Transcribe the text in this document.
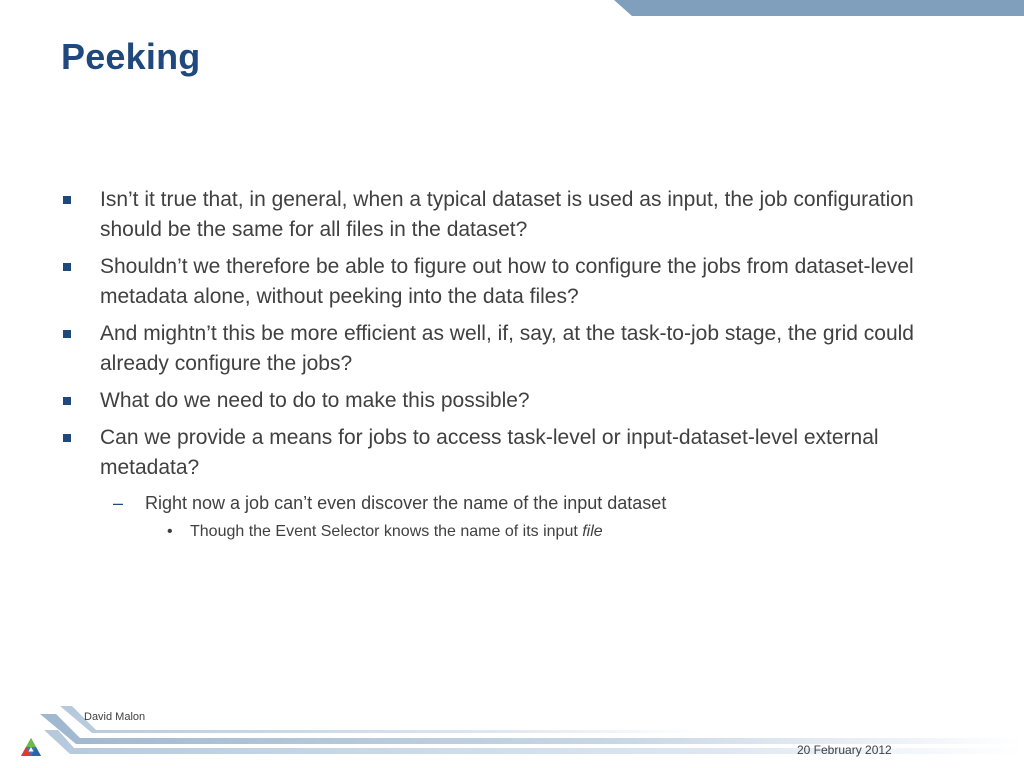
Peeking
Isn’t it true that, in general, when a typical dataset is used as input, the job configuration should be the same for all files in the dataset?
Shouldn’t we therefore be able to figure out how to configure the jobs from dataset-level metadata alone, without peeking into the data files?
And mightn’t this be more efficient as well, if, say, at the task-to-job stage, the grid could already configure the jobs?
What do we need to do to make this possible?
Can we provide a means for jobs to access task-level or input-dataset-level external metadata?
– Right now a job can’t even discover the name of the input dataset
• Though the Event Selector knows the name of its input file
David Malon
20 February 2012
